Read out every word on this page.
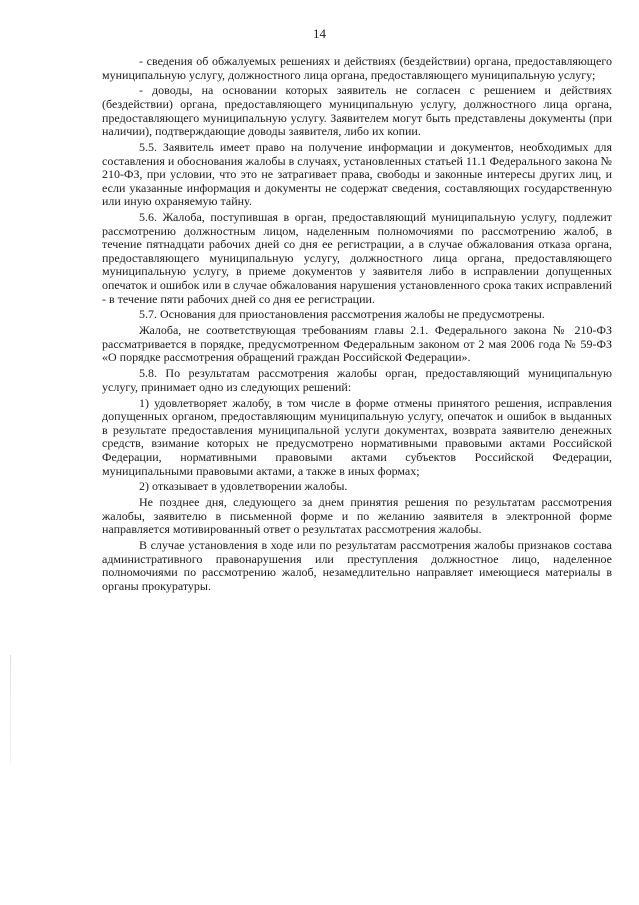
14

- сведения об обжалуемых решениях и действиях (бездействии) органа, предоставляющего муниципальную услугу, должностного лица органа, предоставляющего муниципальную услугу;

- доводы, на основании которых заявитель не согласен с решением и действиях (бездействии) органа, предоставляющего муниципальную услугу, должностного лица органа, предоставляющего муниципальную услугу. Заявителем могут быть представлены документы (при наличии), подтверждающие доводы заявителя, либо их копии.

5.5. Заявитель имеет право на получение информации и документов, необходимых для составления и обоснования жалобы в случаях, установленных статьей 11.1 Федерального закона № 210-ФЗ, при условии, что это не затрагивает права, свободы и законные интересы других лиц, и если указанные информация и документы не содержат сведения, составляющих государственную или иную охраняемую тайну.

5.6. Жалоба, поступившая в орган, предоставляющий муниципальную услугу, подлежит рассмотрению должностным лицом, наделенным полномочиями по рассмотрению жалоб, в течение пятнадцати рабочих дней со дня ее регистрации, а в случае обжалования отказа органа, предоставляющего муниципальную услугу, должностного лица органа, предоставляющего муниципальную услугу, в приеме документов у заявителя либо в исправлении допущенных опечаток и ошибок или в случае обжалования нарушения установленного срока таких исправлений - в течение пяти рабочих дней со дня ее регистрации.

5.7. Основания для приостановления рассмотрения жалобы не предусмотрены.

Жалоба, не соответствующая требованиям главы 2.1. Федерального закона № 210-ФЗ рассматривается в порядке, предусмотренном Федеральным законом от 2 мая 2006 года № 59-ФЗ «О порядке рассмотрения обращений граждан Российской Федерации».

5.8. По результатам рассмотрения жалобы орган, предоставляющий муниципальную услугу, принимает одно из следующих решений:

1) удовлетворяет жалобу, в том числе в форме отмены принятого решения, исправления допущенных органом, предоставляющим муниципальную услугу, опечаток и ошибок в выданных в результате предоставления муниципальной услуги документах, возврата заявителю денежных средств, взимание которых не предусмотрено нормативными правовыми актами Российской Федерации, нормативными правовыми актами субъектов Российской Федерации, муниципальными правовыми актами, а также в иных формах;

2) отказывает в удовлетворении жалобы.

Не позднее дня, следующего за днем принятия решения по результатам рассмотрения жалобы, заявителю в письменной форме и по желанию заявителя в электронной форме направляется мотивированный ответ о результатах рассмотрения жалобы.

В случае установления в ходе или по результатам рассмотрения жалобы признаков состава административного правонарушения или преступления должностное лицо, наделенное полномочиями по рассмотрению жалоб, незамедлительно направляет имеющиеся материалы в органы прокуратуры.
